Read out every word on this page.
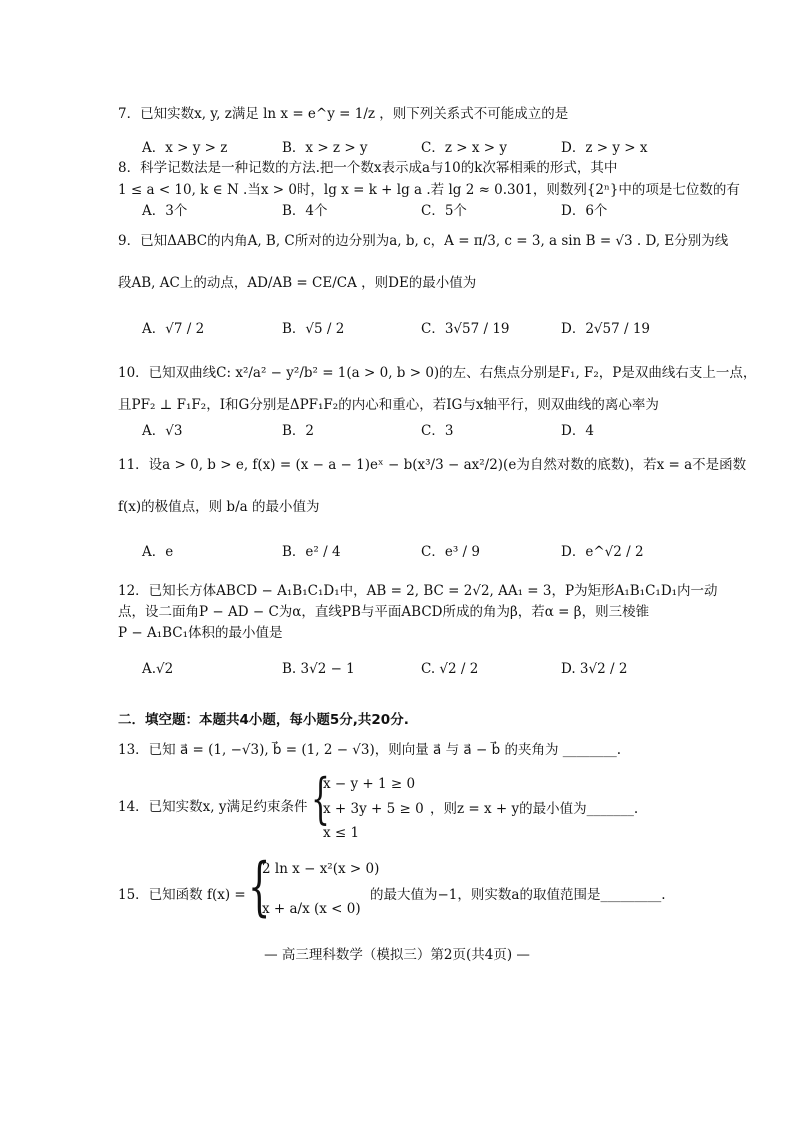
7．已知实数x, y, z满足 ln x = e^y = 1/z ，则下列关系式不可能成立的是
A．x > y > z	B．x > z > y	C．z > x > y	D．z > y > x
8．科学记数法是一种记数的方法.把一个数x表示成a与10的k次幂相乘的形式，其中
1 ≤ a < 10, k ∈ N .当x > 0时，lg x = k + lg a .若 lg 2 ≈ 0.301，则数列{2ⁿ}中的项是七位数的有
A．3个	B．4个	C．5个	D．6个
9．已知ΔABC的内角A, B, C所对的边分别为a, b, c，A = π/3, c = 3, a sin B = √3 . D, E分别为线
段AB, AC上的动点，AD/AB = CE/CA ，则DE的最小值为
A．√7 / 2	B．√5 / 2	C．3√57 / 19	D．2√57 / 19
10．已知双曲线C: x²/a² − y²/b² = 1(a > 0, b > 0)的左、右焦点分别是F₁, F₂，P是双曲线右支上一点，
且PF₂ ⊥ F₁F₂，I和G分别是ΔPF₁F₂的内心和重心，若IG与x轴平行，则双曲线的离心率为
A．√3	B．2	C．3	D．4
11．设a > 0, b > e, f(x) = (x − a − 1)eˣ − b(x³/3 − ax²/2)(e为自然对数的底数)，若x = a不是函数
f(x)的极值点，则 b/a 的最小值为
A．e	B．e² / 4	C．e³ / 9	D．e^√2 / 2
12．已知长方体ABCD − A₁B₁C₁D₁中，AB = 2, BC = 2√2, AA₁ = 3，P为矩形A₁B₁C₁D₁内一动
点，设二面角P − AD − C为α，直线PB与平面ABCD所成的角为β，若α = β，则三棱锥
P − A₁BC₁体积的最小值是
A.√2	B. 3√2 − 1	C. √2 / 2	D. 3√2 / 2
二．填空题：本题共4小题，每小题5分,共20分.
13．已知 a⃗ = (1, −√3), b⃗ = (1, 2 − √3)，则向量 a⃗ 与 a⃗ − b⃗ 的夹角为 ________.
14．已知实数x, y满足约束条件 {
x − y + 1 ≥ 0
x + 3y + 5 ≥ 0
x ≤ 1
，则z = x + y的最小值为_______.
15．已知函数 f(x) = {
2 ln x − x²(x > 0)
x + a/x (x < 0)
的最大值为−1，则实数a的取值范围是_________.
— 高三理科数学（模拟三）第2页(共4页) —
